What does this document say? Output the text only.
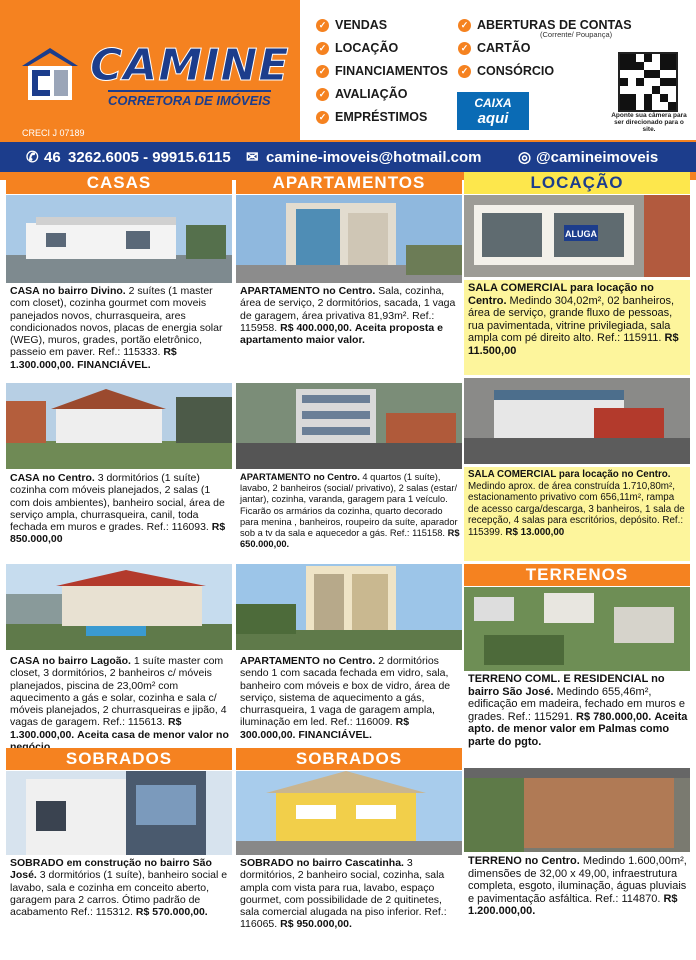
CAMINE
CORRETORA DE IMÓVEIS
CRECI J 07189
✓ VENDAS
✓ LOCAÇÃO
✓ FINANCIAMENTOS
✓ AVALIAÇÃO
✓ EMPRÉSTIMOS
✓ ABERTURAS DE CONTAS
(Corrente/ Poupança)
✓ CARTÃO
✓ CONSÓRCIO
CAIXA
aqui	Aponte sua câmera para ser direcionado para o site.
✆ 46 3262.6005 - 99915.6115 ✉ camine-imoveis@hotmail.com ◎ @camineimoveis
CASAS	APARTAMENTOS	LOCAÇÃO
CASA no bairro Divino. 2 suítes (1 master com closet), cozinha gourmet com moveis panejados novos, churrasqueira, ares condicionados novos, placas de energia solar (WEG), muros, grades, portão eletrônico, passeio em paver. Ref.: 115333. R$ 1.300.000,00. FINANCIÁVEL.
CASA no Centro. 3 dormitórios (1 suíte) cozinha com móveis planejados, 2 salas (1 com dois ambientes), banheiro social, área de serviço ampla, churrasqueira, canil, toda fechada em muros e grades. Ref.: 116093. R$ 850.000,00
CASA no bairro Lagoão. 1 suíte master com closet, 3 dormitórios, 2 banheiros c/ móveis planejados, piscina de 23,00m² com aquecimento a gás e solar, cozinha e sala c/ móveis planejados, 2 churrasqueiras e jipão, 4 vagas de garagem. Ref.: 115613. R$ 1.300.000,00. Aceita casa de menor valor no
SOBRADOS
SOBRADO em construção no bairro São José. 3 dormitórios (1 suíte), banheiro social e lavabo, sala e cozinha em conceito aberto, garagem para 2 carros. Ótimo padrão de acabamento Ref.: 115312. R$ 570.000,00.
APARTAMENTO no Centro. Sala, cozinha, área de serviço, 2 dormitórios, sacada, 1 vaga de garagem, área privativa 81,93m². Ref.: 115958. R$ 400.000,00. Aceita proposta e apartamento maior valor.
APARTAMENTO no Centro. 4 quartos (1 suíte), lavabo, 2 banheiros (social/ privativo), 2 salas (estar/ jantar), cozinha, varanda, garagem para 1 veículo. Ficarão os armários da cozinha, quarto decorado para menina , banheiros, roupeiro da suíte, aparador sob a tv da sala e aquecedor a gás. Ref.: 115158. R$ 650.000,00.
APARTAMENTO no Centro. 2 dormitórios sendo 1 com sacada fechada em vidro, sala, banheiro com móveis e box de vidro, área de serviço, sistema de aquecimento a gás, churrasqueira, 1 vaga de garagem ampla, iluminação em led. Ref.: 116009. R$ 300.000,00. FINANCIÁVEL.
SOBRADOS
SOBRADO no bairro Cascatinha. 3 dormitórios, 2 banheiro social, cozinha, sala ampla com vista para rua, lavabo, espaço gourmet, com possibilidade de 2 quitinetes, sala comercial alugada na piso inferior. Ref.: 116065. R$ 950.000,00.
ALUGA
SALA COMERCIAL para locação no Centro. Medindo 304,02m², 02 banheiros, área de serviço, grande fluxo de pessoas, rua pavimentada, vitrine privilegiada, sala ampla com pé direito alto. Ref.: 115911. R$ 11.500,00
SALA COMERCIAL para locação no Centro. Medindo aprox. de área construída 1.710,80m², estacionamento privativo com 656,11m², rampa de acesso carga/descarga, 3 banheiros, 1 sala de recepção, 4 salas para escritórios, depósito. Ref.: 115399. R$ 13.000,00
TERRENOS
TERRENO COML. E RESIDENCIAL no bairro São José. Medindo 655,46m², edificação em madeira, fechado em muros e grades. Ref.: 115291. R$ 780.000,00. Aceita apto. de menor valor em Palmas como parte do pgto.
TERRENO no Centro. Medindo 1.600,00m², dimensões de 32,00 x 49,00, infraestrutura completa, esgoto, iluminação, águas pluviais e pavimentação asfáltica. Ref.: 114870. R$ 1.200.000,00.
